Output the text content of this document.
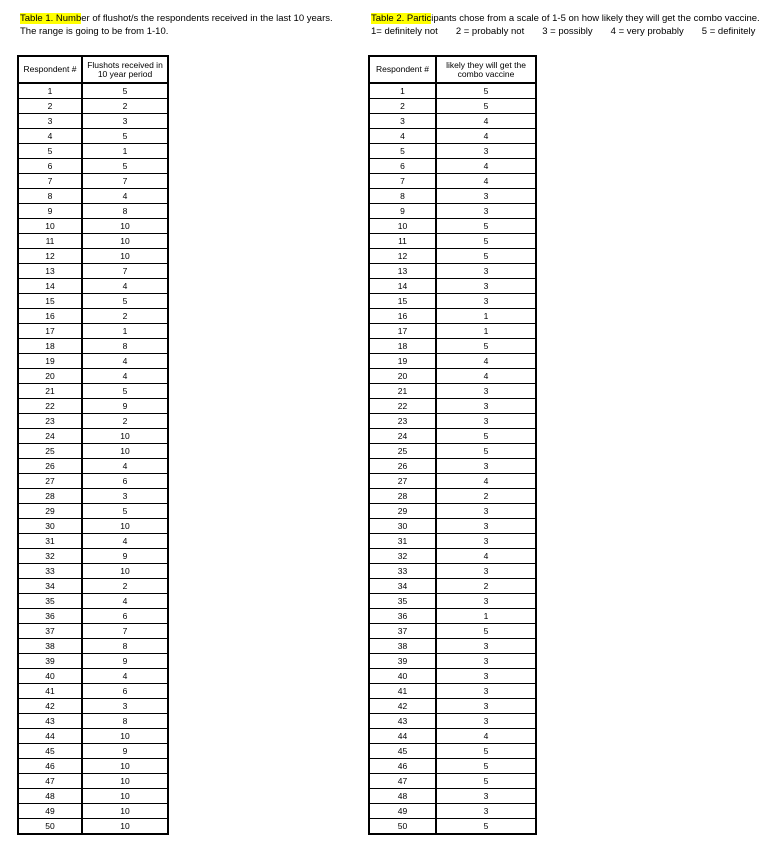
Table 1. Number of flushot/s the respondents received in the last 10 years.
The range is going to be from 1-10.
Table 2. Participants chose from a scale of 1-5 on how likely they will get the combo vaccine.
1= definitely not 2 = probably not 3 = possibly 4 = very probably 5 = definitely
Respondent #	Flushots received in 10 year period
1	5
2	2
3	3
4	5
5	1
6	5
7	7
8	4
9	8
10	10
11	10
12	10
13	7
14	4
15	5
16	2
17	1
18	8
19	4
20	4
21	5
22	9
23	2
24	10
25	10
26	4
27	6
28	3
29	5
30	10
31	4
32	9
33	10
34	2
35	4
36	6
37	7
38	8
39	9
40	4
41	6
42	3
43	8
44	10
45	9
46	10
47	10
48	10
49	10
50	10
Respondent #	likely they will get the combo vaccine
1	5
2	5
3	4
4	4
5	3
6	4
7	4
8	3
9	3
10	5
11	5
12	5
13	3
14	3
15	3
16	1
17	1
18	5
19	4
20	4
21	3
22	3
23	3
24	5
25	5
26	3
27	4
28	2
29	3
30	3
31	3
32	4
33	3
34	2
35	3
36	1
37	5
38	3
39	3
40	3
41	3
42	3
43	3
44	4
45	5
46	5
47	5
48	3
49	3
50	5
